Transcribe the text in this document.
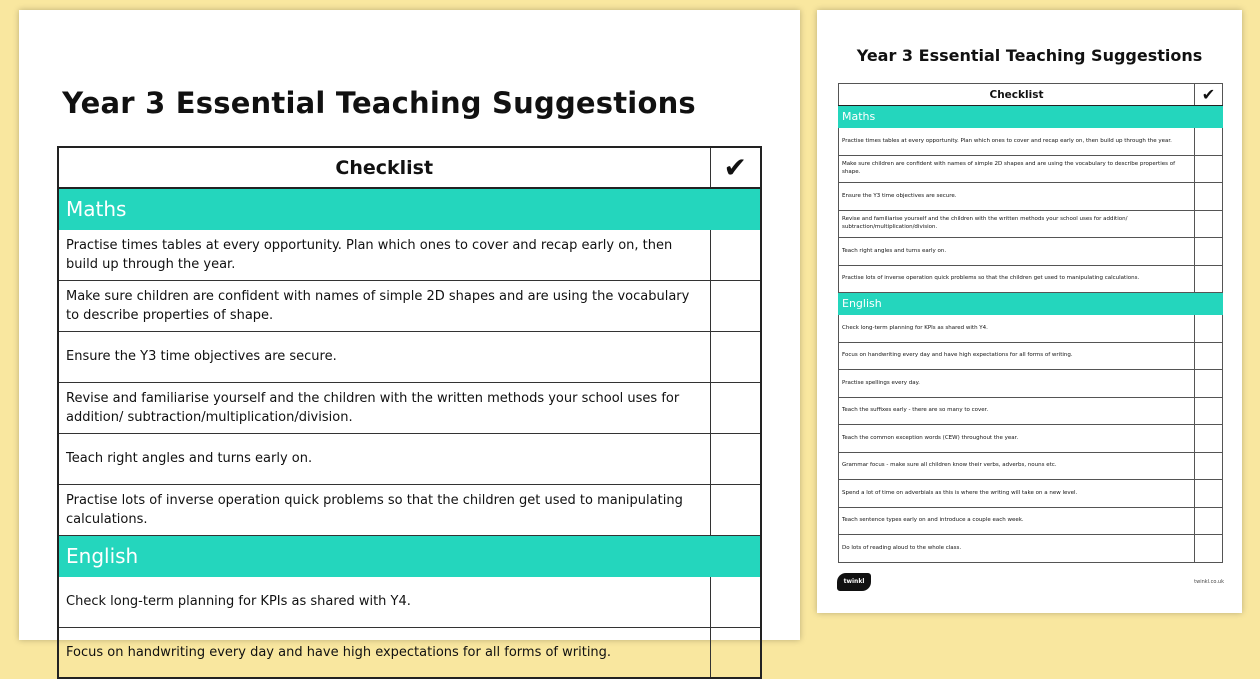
Year 3 Essential Teaching Suggestions
Checklist	✔
Maths	
Practise times tables at every opportunity. Plan which ones to cover and recap early on, then build up through the year.	
Make sure children are confident with names of simple 2D shapes and are using the vocabulary to describe properties of shape.	
Ensure the Y3 time objectives are secure.	
Revise and familiarise yourself and the children with the written methods your school uses for addition/ subtraction/multiplication/division.	
Teach right angles and turns early on.	
Practise lots of inverse operation quick problems so that the children get used to manipulating calculations.	
English	
Check long-term planning for KPIs as shared with Y4.	
Focus on handwriting every day and have high expectations for all forms of writing.	
Year 3 Essential Teaching Suggestions
Checklist	✔
Maths	
Practise times tables at every opportunity. Plan which ones to cover and recap early on, then build up through the year.	
Make sure children are confident with names of simple 2D shapes and are using the vocabulary to describe properties of shape.	
Ensure the Y3 time objectives are secure.	
Revise and familiarise yourself and the children with the written methods your school uses for addition/ subtraction/multiplication/division.	
Teach right angles and turns early on.	
Practise lots of inverse operation quick problems so that the children get used to manipulating calculations.	
English	
Check long-term planning for KPIs as shared with Y4.	
Focus on handwriting every day and have high expectations for all forms of writing.	
Practise spellings every day.	
Teach the suffixes early - there are so many to cover.	
Teach the common exception words (CEW) throughout the year.	
Grammar focus - make sure all children know their verbs, adverbs, nouns etc.	
Spend a lot of time on adverbials as this is where the writing will take on a new level.	
Teach sentence types early on and introduce a couple each week.	
Do lots of reading aloud to the whole class.	
twinkl	twinkl.co.uk
